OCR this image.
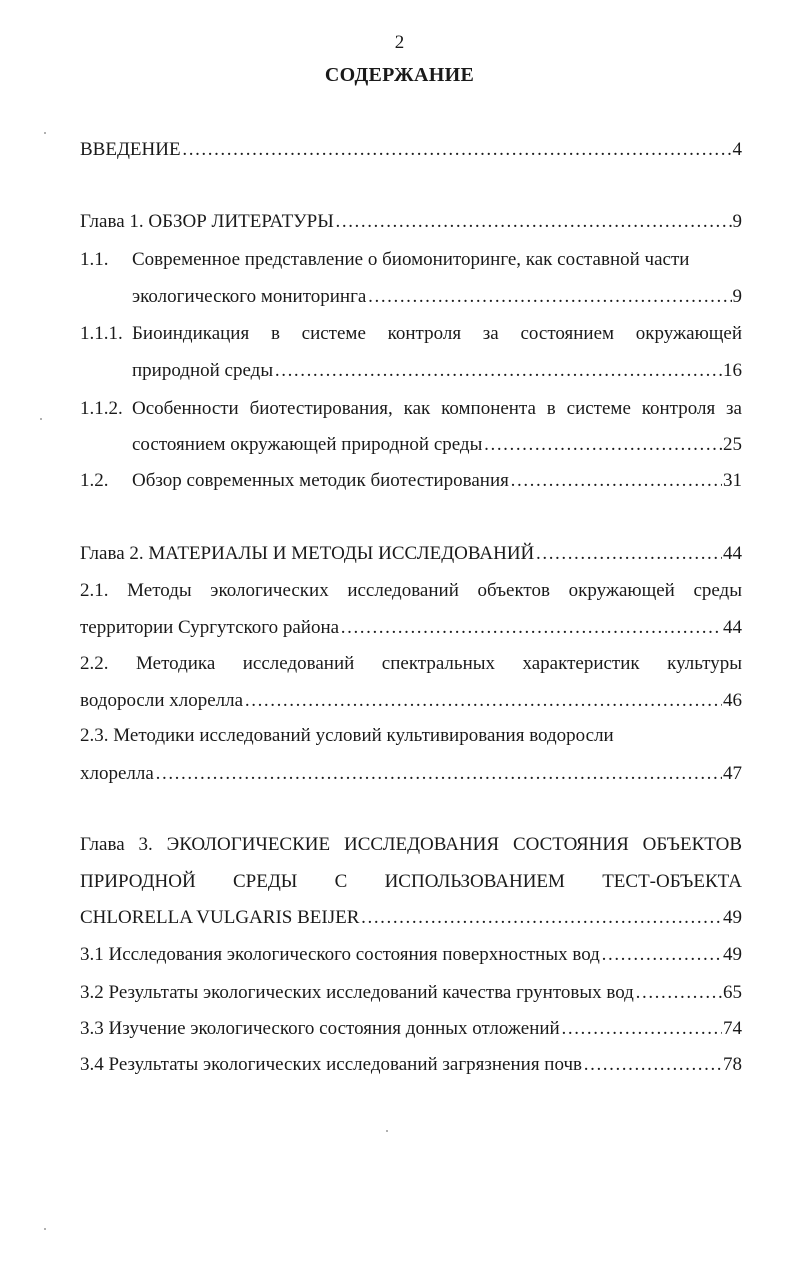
2
СОДЕРЖАНИЕ
ВВЕДЕНИЕ ……………………………………………………………………………………………………………………………………………………	4
Глава 1. ОБЗОР ЛИТЕРАТУРЫ ……………………………………………………………………………………………………………………………………………………	9
1.1. Современное представление о биомониторинге, как составной части
экологического мониторинга ……………………………………………………………………………………………………………………………………………………	9
1.1.1. Биоиндикация в системе контроля за состоянием окружающей
природной среды ……………………………………………………………………………………………………………………………………………………	16
1.1.2. Особенности биотестирования, как компонента в системе контроля за
состоянием окружающей природной среды ……………………………………………………………………………………………………………………………………………………	25
1.2. Обзор современных методик биотестирования ……………………………………………………………………………………………………………………………………………………	31
Глава 2. МАТЕРИАЛЫ И МЕТОДЫ ИССЛЕДОВАНИЙ ……………………………………………………………………………………………………………………………………………………	44
2.1. Методы экологических исследований объектов окружающей среды
территории Сургутского района ……………………………………………………………………………………………………………………………………………………	44
2.2. Методика исследований спектральных характеристик культуры
водоросли хлорелла ……………………………………………………………………………………………………………………………………………………	46
2.3. Методики исследований условий культивирования водоросли
хлорелла ……………………………………………………………………………………………………………………………………………………	47
Глава 3. ЭКОЛОГИЧЕСКИЕ ИССЛЕДОВАНИЯ СОСТОЯНИЯ ОБЪЕКТОВ
ПРИРОДНОЙ СРЕДЫ С ИСПОЛЬЗОВАНИЕМ ТЕСТ-ОБЪЕКТА
CHLORELLA VULGARIS BEIJER ……………………………………………………………………………………………………………………………………………………	49
3.1 Исследования экологического состояния поверхностных вод ……………………………………………………………………………………………………………………………………………………	49
3.2 Результаты экологических исследований качества грунтовых вод ……………………………………………………………………………………………………………………………………………………	65
3.3 Изучение экологического состояния донных отложений ……………………………………………………………………………………………………………………………………………………	74
3.4 Результаты экологических исследований загрязнения почв ……………………………………………………………………………………………………………………………………………………	78
